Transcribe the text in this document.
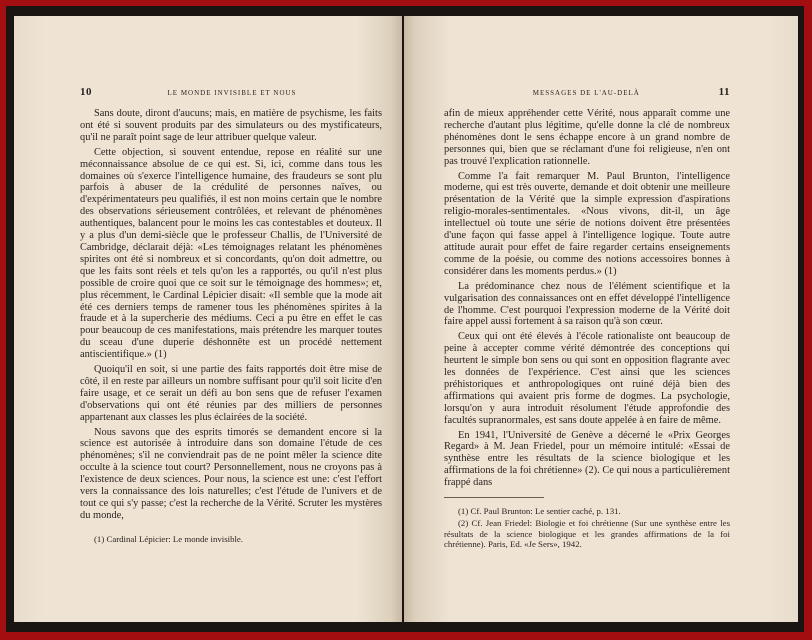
10	LE MONDE INVISIBLE ET NOUS

Sans doute, diront d'aucuns; mais, en matière de psychisme, les faits ont été si souvent produits par des simulateurs ou des mystificateurs, qu'il ne paraît point sage de leur attribuer quelque valeur.

Cette objection, si souvent entendue, repose en réalité sur une méconnaissance absolue de ce qui est. Si, ici, comme dans tous les domaines où s'exerce l'intelligence humaine, des fraudeurs se sont plu parfois à abuser de la crédulité de personnes naïves, ou d'expérimentateurs peu qualifiés, il est non moins certain que le nombre des observations sérieusement contrôlées, et relevant de phénomènes authentiques, balancent pour le moins les cas contestables et douteux. Il y a plus d'un demi-siècle que le professeur Challis, de l'Université de Cambridge, déclarait déjà: «Les témoignages relatant les phénomènes spirites ont été si nombreux et si concordants, qu'on doit admettre, ou que les faits sont réels et tels qu'on les a rapportés, ou qu'il n'est plus possible de croire quoi que ce soit sur le témoignage des hommes»; et, plus récemment, le Cardinal Lépicier disait: «Il semble que la mode ait été ces derniers temps de ramener tous les phénomènes spirites à la fraude et à la supercherie des médiums. Ceci a pu être en effet le cas pour beaucoup de ces manifestations, mais prétendre les marquer toutes du sceau d'une duperie déshonnête est un procédé nettement antiscientifique.» (1)

Quoiqu'il en soit, si une partie des faits rapportés doit être mise de côté, il en reste par ailleurs un nombre suffisant pour qu'il soit licite d'en faire usage, et ce serait un défi au bon sens que de refuser l'examen d'observations qui ont été réunies par des milliers de personnes appartenant aux classes les plus éclairées de la société.

Nous savons que des esprits timorés se demandent encore si la science est autorisée à introduire dans son domaine l'étude de ces phénomènes; s'il ne conviendrait pas de ne point mêler la science dite occulte à la science tout court? Personnellement, nous ne croyons pas à l'existence de deux sciences. Pour nous, la science est une: c'est l'effort vers la connaissance des lois naturelles; c'est l'étude de l'univers et de tout ce qui s'y passe; c'est la recherche de la Vérité. Scruter les mystères du monde,

(1) Cardinal Lépicier: Le monde invisible.

MESSAGES DE L'AU-DELÀ	11

afin de mieux appréhender cette Vérité, nous apparaît comme une recherche d'autant plus légitime, qu'elle donne la clé de nombreux phénomènes dont le sens échappe encore à un grand nombre de personnes qui, bien que se réclamant d'une foi religieuse, n'en ont pas trouvé l'explication rationnelle.

Comme l'a fait remarquer M. Paul Brunton, l'intelligence moderne, qui est très ouverte, demande et doit obtenir une meilleure présentation de la Vérité que la simple expression d'aspirations religio-morales-sentimentales. «Nous vivons, dit-il, un âge intellectuel où toute une série de notions doivent être présentées d'une façon qui fasse appel à l'intelligence logique. Toute autre attitude aurait pour effet de faire regarder certains enseignements comme de la poésie, ou comme des notions accessoires bonnes à considérer dans les moments perdus.» (1)

La prédominance chez nous de l'élément scientifique et la vulgarisation des connaissances ont en effet développé l'intelligence de l'homme. C'est pourquoi l'expression moderne de la Vérité doit faire appel aussi fortement à sa raison qu'à son cœur.

Ceux qui ont été élevés à l'école rationaliste ont beaucoup de peine à accepter comme vérité démontrée des conceptions qui heurtent le simple bon sens ou qui sont en opposition flagrante avec les données de l'expérience. C'est ainsi que les sciences préhistoriques et anthropologiques ont ruiné déjà bien des affirmations qui avaient pris forme de dogmes. La psychologie, lorsqu'on y aura introduit résolument l'étude approfondie des facultés supranormales, est sans doute appelée à en faire de même.

En 1941, l'Université de Genève a décerné le «Prix Georges Regard» à M. Jean Friedel, pour un mémoire intitulé: «Essai de synthèse entre les résultats de la science biologique et les affirmations de la foi chrétienne» (2). Ce qui nous a particulièrement frappé dans

(1) Cf. Paul Brunton: Le sentier caché, p. 131.

(2) Cf. Jean Friedel: Biologie et foi chrétienne (Sur une synthèse entre les résultats de la science biologique et les grandes affirmations de la foi chrétienne). Paris, Ed. «Je Sers», 1942.
